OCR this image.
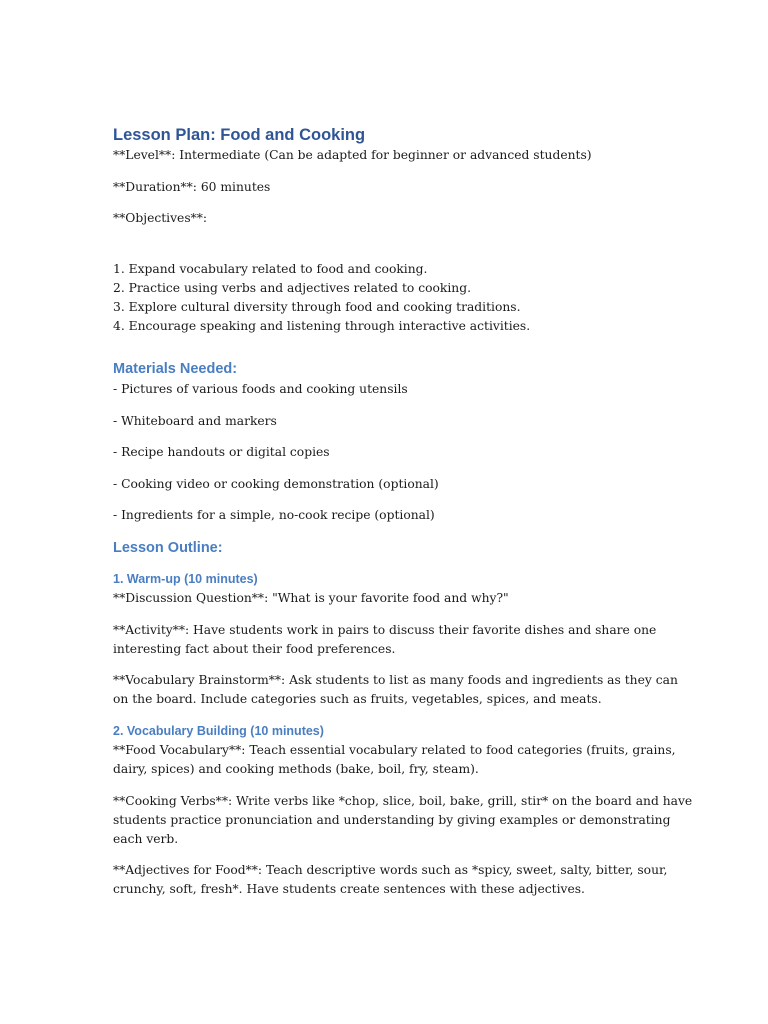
Lesson Plan: Food and Cooking

**Level**: Intermediate (Can be adapted for beginner or advanced students)

**Duration**: 60 minutes

**Objectives**:

1. Expand vocabulary related to food and cooking.

2. Practice using verbs and adjectives related to cooking.

3. Explore cultural diversity through food and cooking traditions.

4. Encourage speaking and listening through interactive activities.

Materials Needed:

- Pictures of various foods and cooking utensils

- Whiteboard and markers

- Recipe handouts or digital copies

- Cooking video or cooking demonstration (optional)

- Ingredients for a simple, no-cook recipe (optional)

Lesson Outline:
1. Warm-up (10 minutes)

**Discussion Question**: "What is your favorite food and why?"

**Activity**: Have students work in pairs to discuss their favorite dishes and share one

interesting fact about their food preferences.

**Vocabulary Brainstorm**: Ask students to list as many foods and ingredients as they can

on the board. Include categories such as fruits, vegetables, spices, and meats.

2. Vocabulary Building (10 minutes)

**Food Vocabulary**: Teach essential vocabulary related to food categories (fruits, grains,

dairy, spices) and cooking methods (bake, boil, fry, steam).

**Cooking Verbs**: Write verbs like *chop, slice, boil, bake, grill, stir* on the board and have

students practice pronunciation and understanding by giving examples or demonstrating

each verb.

**Adjectives for Food**: Teach descriptive words such as *spicy, sweet, salty, bitter, sour,

crunchy, soft, fresh*. Have students create sentences with these adjectives.
